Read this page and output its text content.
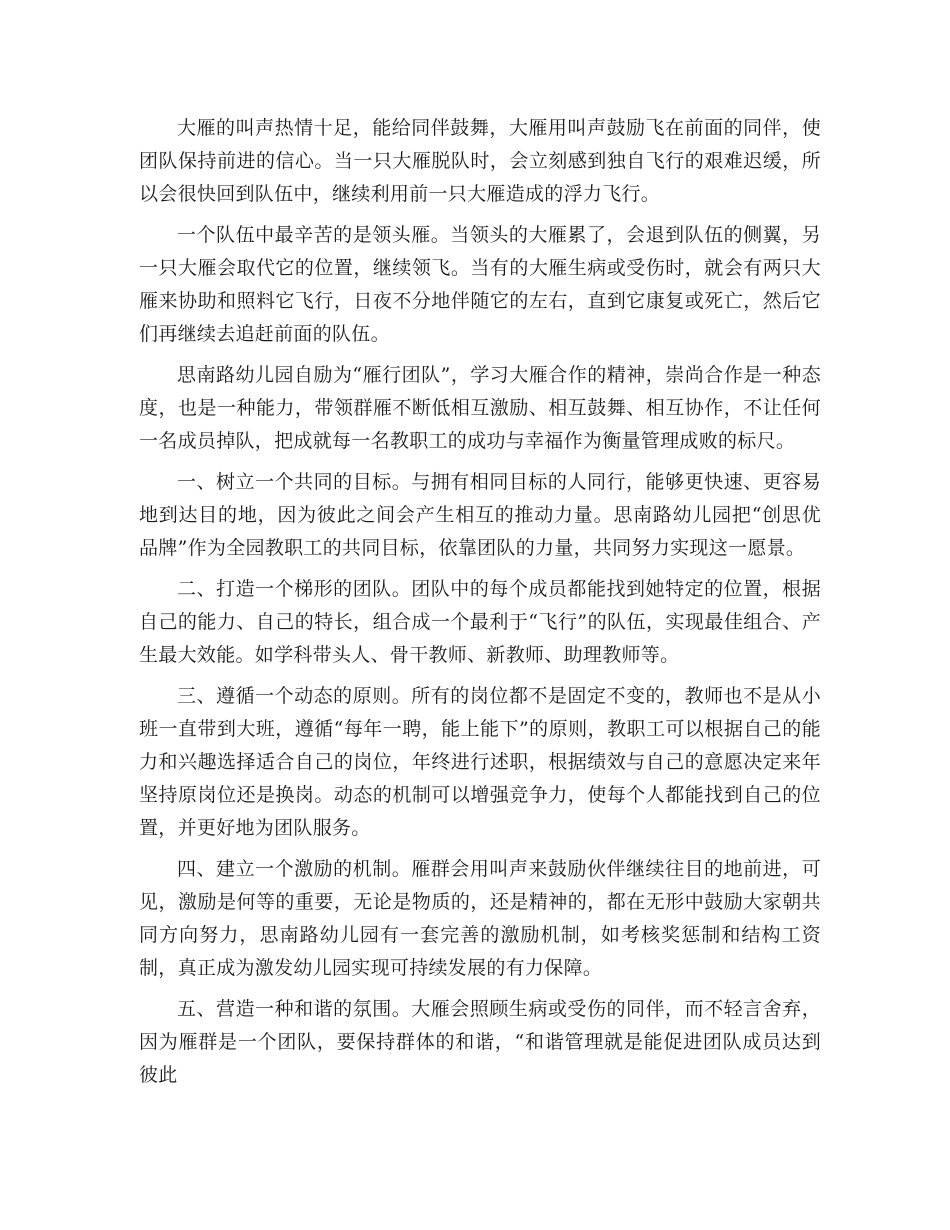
大雁的叫声热情十足，能给同伴鼓舞，大雁用叫声鼓励飞在前面的同伴，使团队保持前进的信心。当一只大雁脱队时，会立刻感到独自飞行的艰难迟缓，所以会很快回到队伍中，继续利用前一只大雁造成的浮力飞行。

一个队伍中最辛苦的是领头雁。当领头的大雁累了，会退到队伍的侧翼，另一只大雁会取代它的位置，继续领飞。当有的大雁生病或受伤时，就会有两只大雁来协助和照料它飞行，日夜不分地伴随它的左右，直到它康复或死亡，然后它们再继续去追赶前面的队伍。

思南路幼儿园自励为“雁行团队”，学习大雁合作的精神，崇尚合作是一种态度，也是一种能力，带领群雁不断低相互激励、相互鼓舞、相互协作，不让任何一名成员掉队，把成就每一名教职工的成功与幸福作为衡量管理成败的标尺。

一、树立一个共同的目标。与拥有相同目标的人同行，能够更快速、更容易地到达目的地，因为彼此之间会产生相互的推动力量。思南路幼儿园把“创思优品牌”作为全园教职工的共同目标，依靠团队的力量，共同努力实现这一愿景。

二、打造一个梯形的团队。团队中的每个成员都能找到她特定的位置，根据自己的能力、自己的特长，组合成一个最利于“飞行”的队伍，实现最佳组合、产生最大效能。如学科带头人、骨干教师、新教师、助理教师等。

三、遵循一个动态的原则。所有的岗位都不是固定不变的，教师也不是从小班一直带到大班，遵循“每年一聘，能上能下”的原则，教职工可以根据自己的能力和兴趣选择适合自己的岗位，年终进行述职，根据绩效与自己的意愿决定来年坚持原岗位还是换岗。动态的机制可以增强竞争力，使每个人都能找到自己的位置，并更好地为团队服务。

四、建立一个激励的机制。雁群会用叫声来鼓励伙伴继续往目的地前进，可见，激励是何等的重要，无论是物质的，还是精神的，都在无形中鼓励大家朝共同方向努力，思南路幼儿园有一套完善的激励机制，如考核奖惩制和结构工资制，真正成为激发幼儿园实现可持续发展的有力保障。

五、营造一种和谐的氛围。大雁会照顾生病或受伤的同伴，而不轻言舍弃，因为雁群是一个团队，要保持群体的和谐，“和谐管理就是能促进团队成员达到彼此
